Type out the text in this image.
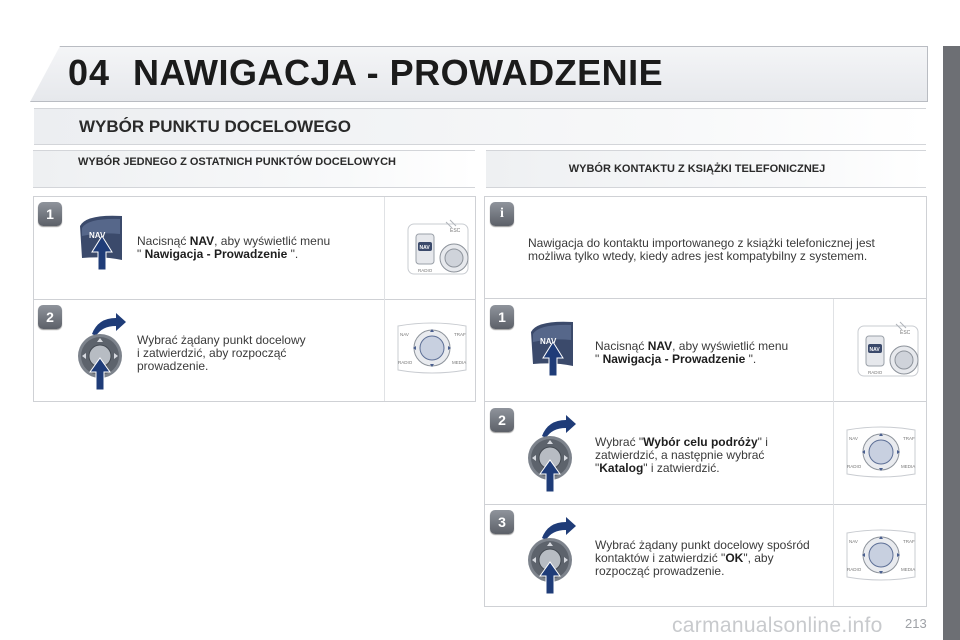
04 NAWIGACJA - PROWADZENIE
WYBÓR PUNKTU DOCELOWEGO
WYBÓR JEDNEGO Z OSTATNICH PUNKTÓW DOCELOWYCH
WYBÓR KONTAKTU Z KSIĄŻKI TELEFONICZNEJ
1
NAV	Nacisnąć NAV, aby wyświetlić menu
" Nawigacja - Prowadzenie ".	NAV
ESC
RADIO
2
Wybrać żądany punkt docelowy
i zatwierdzić, aby rozpocząć
prowadzenie.
NAV	TRAF
RADIO	MEDIA
i
Nawigacja do kontaktu importowanego z książki telefonicznej jest
możliwa tylko wtedy, kiedy adres jest kompatybilny z systemem.
1
NAV	Nacisnąć NAV, aby wyświetlić menu
" Nawigacja - Prowadzenie ".
NAV
ESC
RADIO
2
Wybrać "Wybór celu podróży" i
zatwierdzić, a następnie wybrać
"Katalog" i zatwierdzić.
NAV	TRAF
RADIO	MEDIA
3
Wybrać żądany punkt docelowy spośród
kontaktów i zatwierdzić "OK", aby
rozpocząć prowadzenie.
NAV	TRAF
RADIO	MEDIA
carmanualsonline.info 213
